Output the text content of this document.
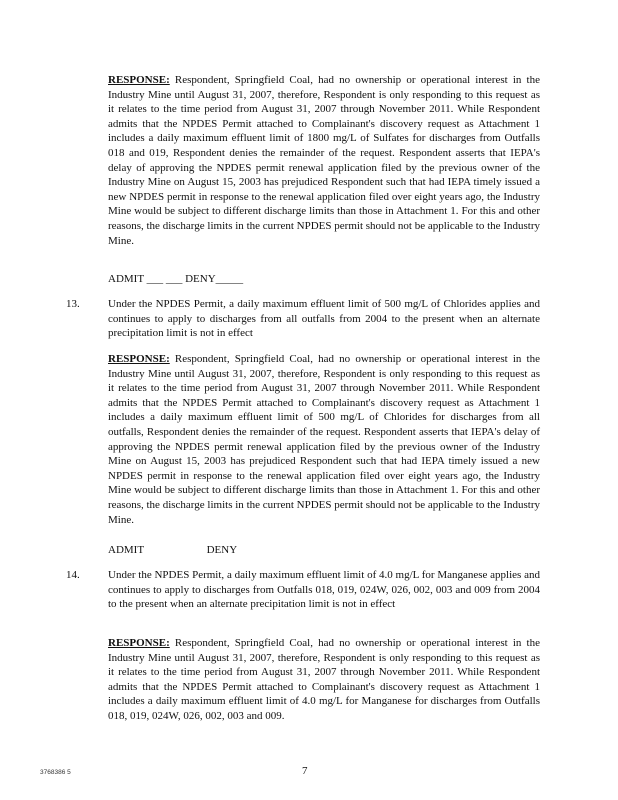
RESPONSE: Respondent, Springfield Coal, had no ownership or operational interest in the Industry Mine until August 31, 2007, therefore, Respondent is only responding to this request as it relates to the time period from August 31, 2007 through November 2011. While Respondent admits that the NPDES Permit attached to Complainant's discovery request as Attachment 1 includes a daily maximum effluent limit of 1800 mg/L of Sulfates for discharges from Outfalls 018 and 019, Respondent denies the remainder of the request. Respondent asserts that IEPA's delay of approving the NPDES permit renewal application filed by the previous owner of the Industry Mine on August 15, 2003 has prejudiced Respondent such that had IEPA timely issued a new NPDES permit in response to the renewal application filed over eight years ago, the Industry Mine would be subject to different discharge limits than those in Attachment 1. For this and other reasons, the discharge limits in the current NPDES permit should not be applicable to the Industry Mine.

ADMIT ___ ___ DENY_____
13.	Under the NPDES Permit, a daily maximum effluent limit of 500 mg/L of Chlorides applies and continues to apply to discharges from all outfalls from 2004 to the present when an alternate precipitation limit is not in effect

RESPONSE: Respondent, Springfield Coal, had no ownership or operational interest in the Industry Mine until August 31, 2007, therefore, Respondent is only responding to this request as it relates to the time period from August 31, 2007 through November 2011. While Respondent admits that the NPDES Permit attached to Complainant's discovery request as Attachment 1 includes a daily maximum effluent limit of 500 mg/L of Chlorides for discharges from all outfalls, Respondent denies the remainder of the request. Respondent asserts that IEPA's delay of approving the NPDES permit renewal application filed by the previous owner of the Industry Mine on August 15, 2003 has prejudiced Respondent such that had IEPA timely issued a new NPDES permit in response to the renewal application filed over eight years ago, the Industry Mine would be subject to different discharge limits than those in Attachment 1. For this and other reasons, the discharge limits in the current NPDES permit should not be applicable to the Industry Mine.

ADMIT DENY
14.	Under the NPDES Permit, a daily maximum effluent limit of 4.0 mg/L for Manganese applies and continues to apply to discharges from Outfalls 018, 019, 024W, 026, 002, 003 and 009 from 2004 to the present when an alternate precipitation limit is not in effect

RESPONSE: Respondent, Springfield Coal, had no ownership or operational interest in the Industry Mine until August 31, 2007, therefore, Respondent is only responding to this request as it relates to the time period from August 31, 2007 through November 2011. While Respondent admits that the NPDES Permit attached to Complainant's discovery request as Attachment 1 includes a daily maximum effluent limit of 4.0 mg/L for Manganese for discharges from Outfalls 018, 019, 024W, 026, 002, 003 and 009.

3768386 5	7
